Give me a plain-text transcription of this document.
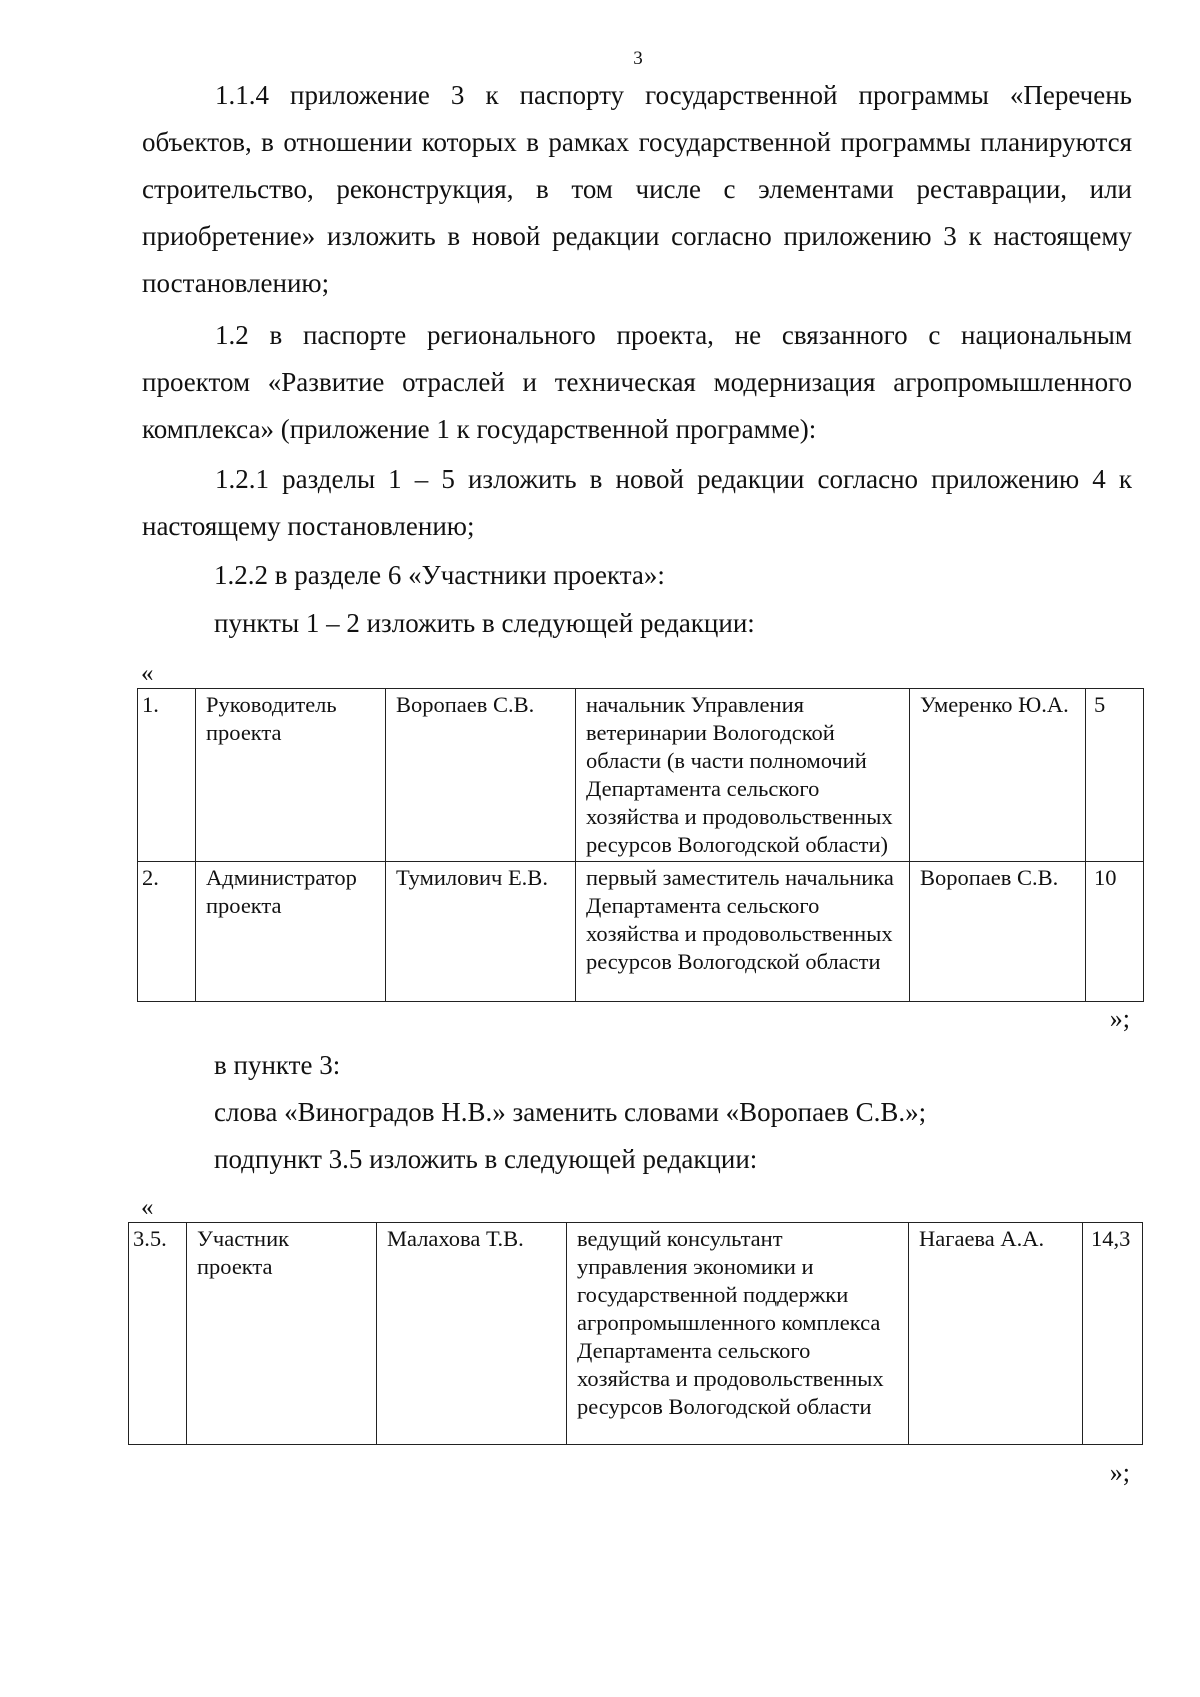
3

1.1.4 приложение 3 к паспорту государственной программы «Перечень объектов, в отношении которых в рамках государственной программы планируются строительство, реконструкция, в том числе с элементами реставрации, или приобретение» изложить в новой редакции согласно приложению 3 к настоящему постановлению;

1.2 в паспорте регионального проекта, не связанного с национальным проектом «Развитие отраслей и техническая модернизация агропромышленного комплекса» (приложение 1 к государственной программе):

1.2.1 разделы 1 – 5 изложить в новой редакции согласно приложению 4 к настоящему постановлению;

1.2.2 в разделе 6 «Участники проекта»:
пункты 1 – 2 изложить в следующей редакции:
«
1.	Руководитель проекта	Воропаев С.В.	начальник Управления ветеринарии Вологодской области (в части полномочий Департамента сельского хозяйства и продовольственных ресурсов Вологодской области)	Умеренко Ю.А.	5
2.	Администратор проекта	Тумилович Е.В.	первый заместитель начальника Департамента сельского хозяйства и продовольственных ресурсов Вологодской области	Воропаев С.В.	10
»;
в пункте 3:
слова «Виноградов Н.В.» заменить словами «Воропаев С.В.»;
подпункт 3.5 изложить в следующей редакции:
«
3.5.	Участник проекта	Малахова Т.В.	ведущий консультант управления экономики и государственной поддержки агропромышленного комплекса Департамента сельского хозяйства и продовольственных ресурсов Вологодской области	Нагаева А.А.	14,3
»;
